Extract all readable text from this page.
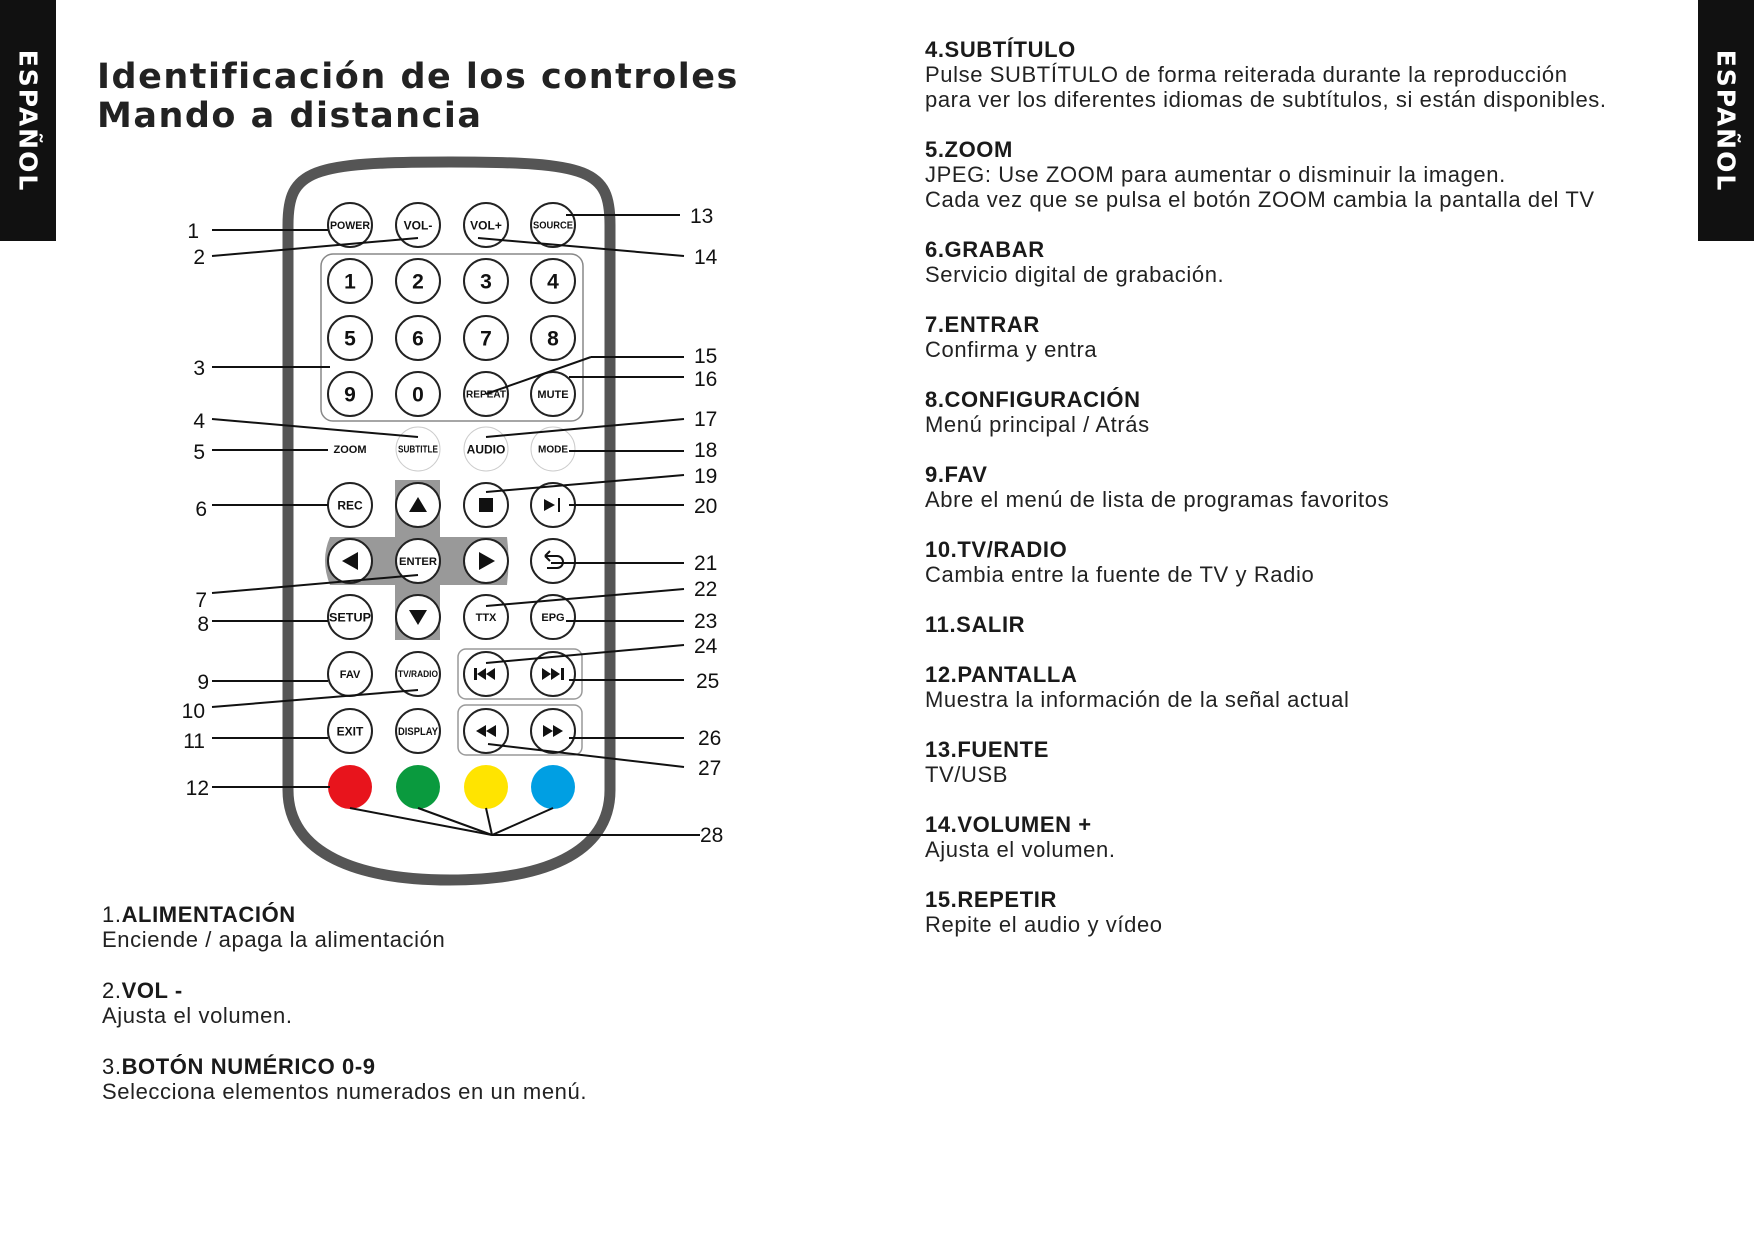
ESPAÑOL	ESPAÑOL
Identificación de los controles
Mando a distancia
POWER	VOL-	VOL+	SOURCE
1	2	3	4
5	6	7	8
9	0	REPEAT	MUTE
ZOOM	SUBTITLE AUDIO	MODE
REC
ENTER
SETUP	TTX	EPG
FAV	TV/RADIO
EXIT	DISPLAY
1
2
3
4
5
6
7
8
9
10
11
12
13
14
15
16
17
18
19
20
21
22
23
24
25
26
27
28
1.ALIMENTACIÓN
Enciende / apaga la alimentación
2.VOL -
Ajusta el volumen.
3.BOTÓN NUMÉRICO 0-9
Selecciona elementos numerados en un menú.
4.SUBTÍTULO
Pulse SUBTÍTULO de forma reiterada durante la reproducción
para ver los diferentes idiomas de subtítulos, si están disponibles.
5.ZOOM
JPEG: Use ZOOM para aumentar o disminuir la imagen.
Cada vez que se pulsa el botón ZOOM cambia la pantalla del TV
6.GRABAR
Servicio digital de grabación.
7.ENTRAR
Confirma y entra
8.CONFIGURACIÓN
Menú principal / Atrás
9.FAV
Abre el menú de lista de programas favoritos
10.TV/RADIO
Cambia entre la fuente de TV y Radio
11.SALIR
12.PANTALLA
Muestra la información de la señal actual
13.FUENTE
TV/USB
14.VOLUMEN +
Ajusta el volumen.
15.REPETIR
Repite el audio y vídeo
